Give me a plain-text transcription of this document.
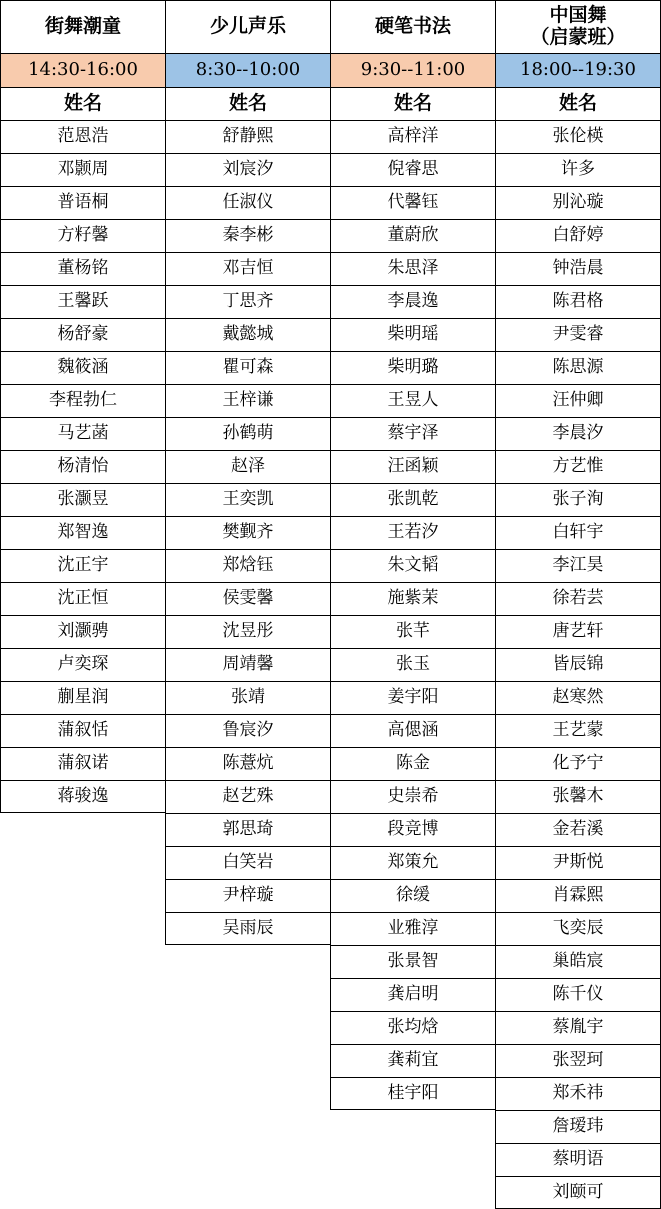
街舞潮童
14:30-16:00
姓名
范恩浩
邓颢周
普语桐
方籽馨
董杨铭
王馨跃
杨舒豪
魏筱涵
李程勃仁
马艺菡
杨清怡
张灏昱
郑智逸
沈正宇
沈正恒
刘灏骋
卢奕琛
蒯星润
蒲叙恬
蒲叙诺
蒋骏逸
少儿声乐
8:30--10:00
姓名
舒静熙
刘宸汐
任淑仪
秦李彬
邓吉恒
丁思齐
戴懿城
瞿可森
王梓谦
孙鹤萌
赵泽
王奕凯
樊觐齐
郑焓钰
侯雯馨
沈昱彤
周靖馨
张靖
鲁宸汐
陈薏炕
赵艺殊
郭思琦
白笑岩
尹梓璇
吴雨辰
硬笔书法
9:30--11:00
姓名
高梓洋
倪睿思
代馨钰
董蔚欣
朱思泽
李晨逸
柴明瑶
柴明璐
王昱人
蔡宇泽
汪函颖
张凯乾
王若汐
朱文韬
施紫茉
张芊
张玉
姜宇阳
高偲涵
陈金
史崇希
段竞博
郑策允
徐缓
业雅淳
张景智
龚启明
张均焓
龚莉宜
桂宇阳
中国舞
（启蒙班）
18:00--19:30
姓名
张伦楧
许多
别沁璇
白舒婷
钟浩晨
陈君格
尹雯睿
陈思源
汪仲卿
李晨汐
方艺惟
张子洵
白轩宇
李江昊
徐若芸
唐艺轩
皆辰锦
赵寒然
王艺蒙
化予宁
张馨木
金若溪
尹斯悦
肖霖熙
飞奕辰
巢皓宸
陈千仪
蔡胤宇
张翌珂
郑禾祎
詹瑷玮
蔡明语
刘颐可
